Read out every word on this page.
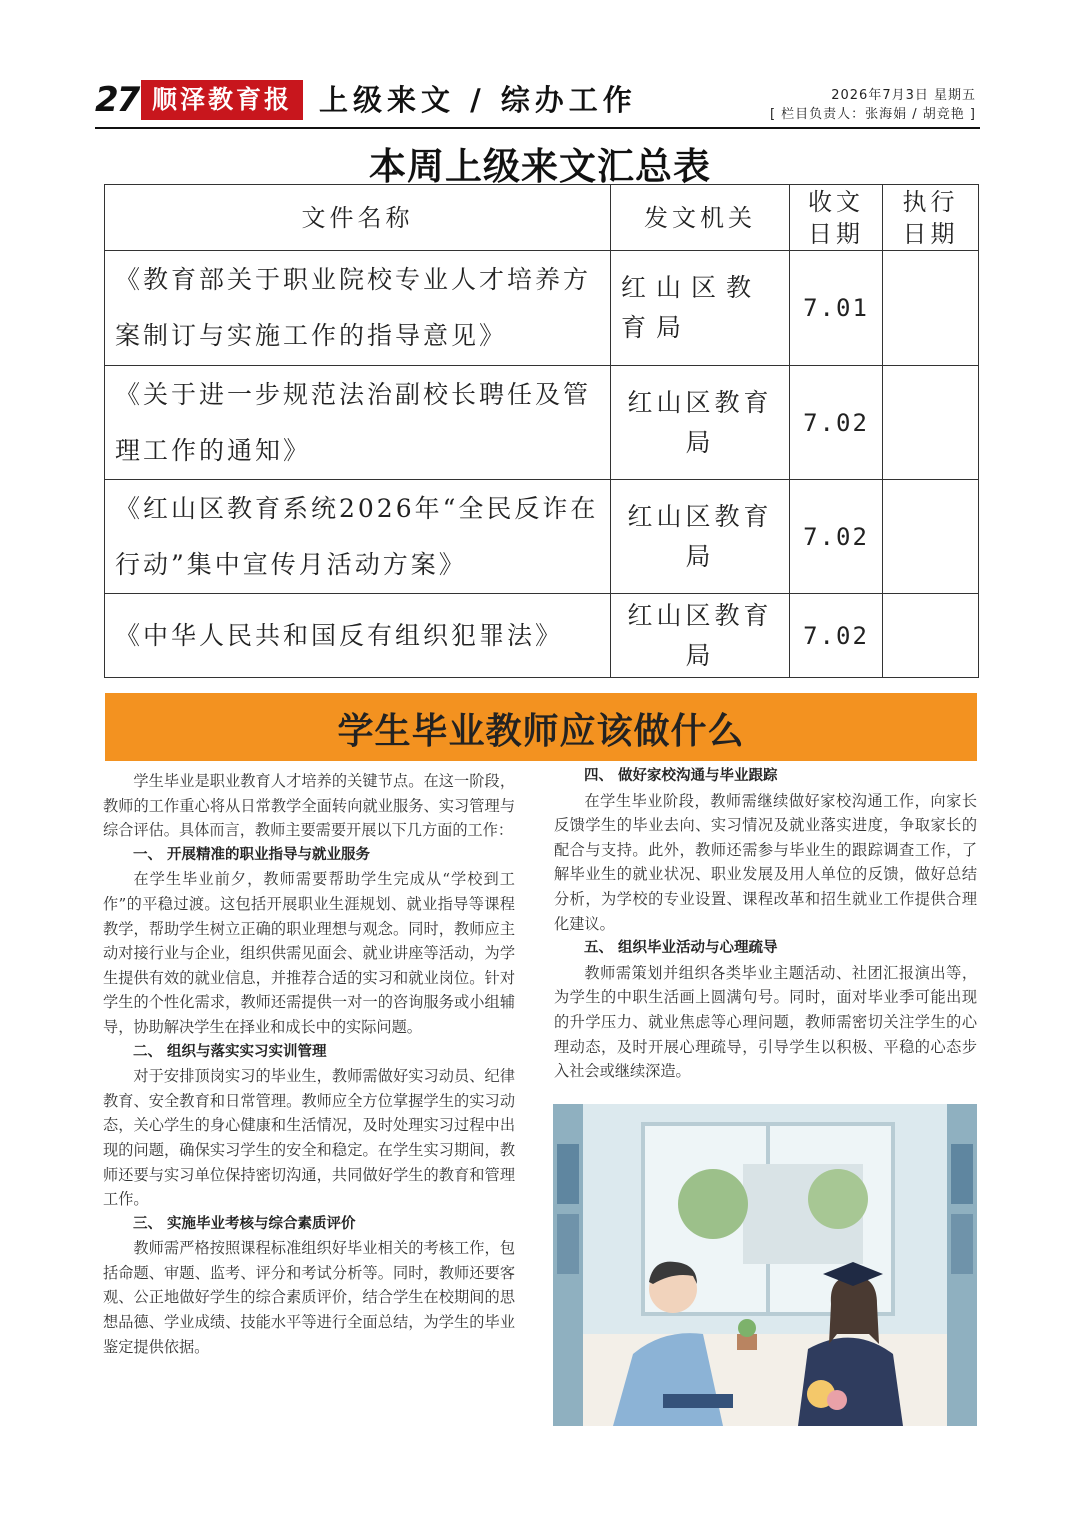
27 顺泽教育报 上级来文 / 综办工作	2026年7月3日 星期五
[ 栏目负责人：张海娟 / 胡竞艳 ]
本周上级来文汇总表
文件名称	发文机关	收文日期	执行日期
《教育部关于职业院校专业人才培养方案制订与实施工作的指导意见》	红山区教育局	7.01	
《关于进一步规范法治副校长聘任及管理工作的通知》	红山区教育局	7.02	
《红山区教育系统2026年“全民反诈在行动”集中宣传月活动方案》	红山区教育局	7.02	
《中华人民共和国反有组织犯罪法》	红山区教育局	7.02	
学生毕业教师应该做什么

学生毕业是职业教育人才培养的关键节点。在这一阶段，教师的工作重心将从日常教学全面转向就业服务、实习管理与综合评估。具体而言，教师主要需要开展以下几方面的工作：

一、 开展精准的职业指导与就业服务

在学生毕业前夕，教师需要帮助学生完成从“学校到工作”的平稳过渡。这包括开展职业生涯规划、就业指导等课程教学，帮助学生树立正确的职业理想与观念。同时，教师应主动对接行业与企业，组织供需见面会、就业讲座等活动，为学生提供有效的就业信息，并推荐合适的实习和就业岗位。针对学生的个性化需求，教师还需提供一对一的咨询服务或小组辅导，协助解决学生在择业和成长中的实际问题。

二、 组织与落实实习实训管理

对于安排顶岗实习的毕业生，教师需做好实习动员、纪律教育、安全教育和日常管理。教师应全方位掌握学生的实习动态，关心学生的身心健康和生活情况，及时处理实习过程中出现的问题，确保实习学生的安全和稳定。在学生实习期间，教师还要与实习单位保持密切沟通，共同做好学生的教育和管理工作。

三、 实施毕业考核与综合素质评价

教师需严格按照课程标准组织好毕业相关的考核工作，包括命题、审题、监考、评分和考试分析等。同时，教师还要客观、公正地做好学生的综合素质评价，结合学生在校期间的思想品德、学业成绩、技能水平等进行全面总结，为学生的毕业鉴定提供依据。

四、 做好家校沟通与毕业跟踪

在学生毕业阶段，教师需继续做好家校沟通工作，向家长反馈学生的毕业去向、实习情况及就业落实进度，争取家长的配合与支持。此外，教师还需参与毕业生的跟踪调查工作，了解毕业生的就业状况、职业发展及用人单位的反馈，做好总结分析，为学校的专业设置、课程改革和招生就业工作提供合理化建议。

五、 组织毕业活动与心理疏导

教师需策划并组织各类毕业主题活动、社团汇报演出等，为学生的中职生活画上圆满句号。同时，面对毕业季可能出现的升学压力、就业焦虑等心理问题，教师需密切关注学生的心理动态，及时开展心理疏导，引导学生以积极、平稳的心态步入社会或继续深造。
